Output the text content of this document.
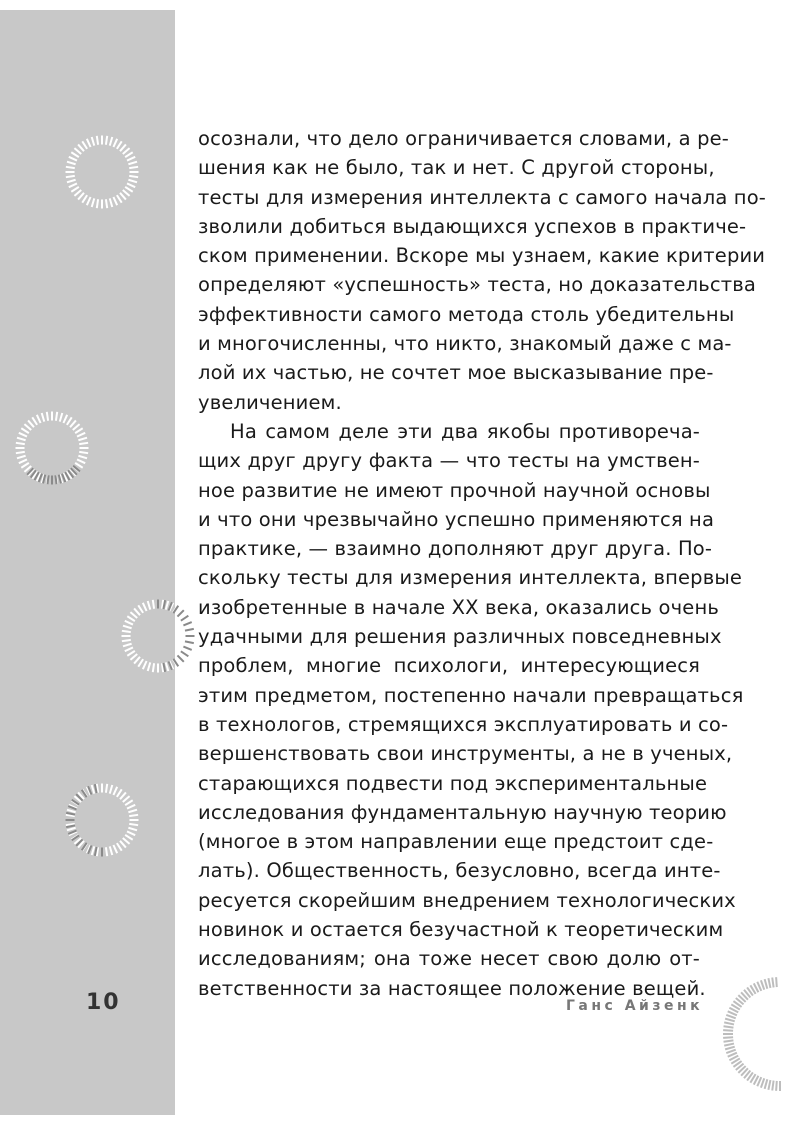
осознали, что дело ограничивается словами, а ре-
шения как не было, так и нет. С другой стороны,
тесты для измерения интеллекта с самого начала по-
зволили добиться выдающихся успехов в практиче-
ском применении. Вскоре мы узнаем, какие критерии
определяют «успешность» теста, но доказательства
эффективности самого метода столь убедительны
и многочисленны, что никто, знакомый даже с ма-
лой их частью, не сочтет мое высказывание пре-
увеличением.
На самом деле эти два якобы противореча-
щих друг другу факта — что тесты на умствен-
ное развитие не имеют прочной научной основы
и что они чрезвычайно успешно применяются на
практике, — взаимно дополняют друг друга. По-
скольку тесты для измерения интеллекта, впервые
изобретенные в начале XX века, оказались очень
удачными для решения различных повседневных
проблем, многие психологи, интересующиеся
этим предметом, постепенно начали превращаться
в технологов, стремящихся эксплуатировать и со-
вершенствовать свои инструменты, а не в ученых,
старающихся подвести под экспериментальные
исследования фундаментальную научную теорию
(многое в этом направлении еще предстоит сде-
лать). Общественность, безусловно, всегда инте-
ресуется скорейшим внедрением технологических
новинок и остается безучастной к теоретическим
исследованиям; она тоже несет свою долю от-
ветственности за настоящее положение вещей.
10	Ганс Айзенк
